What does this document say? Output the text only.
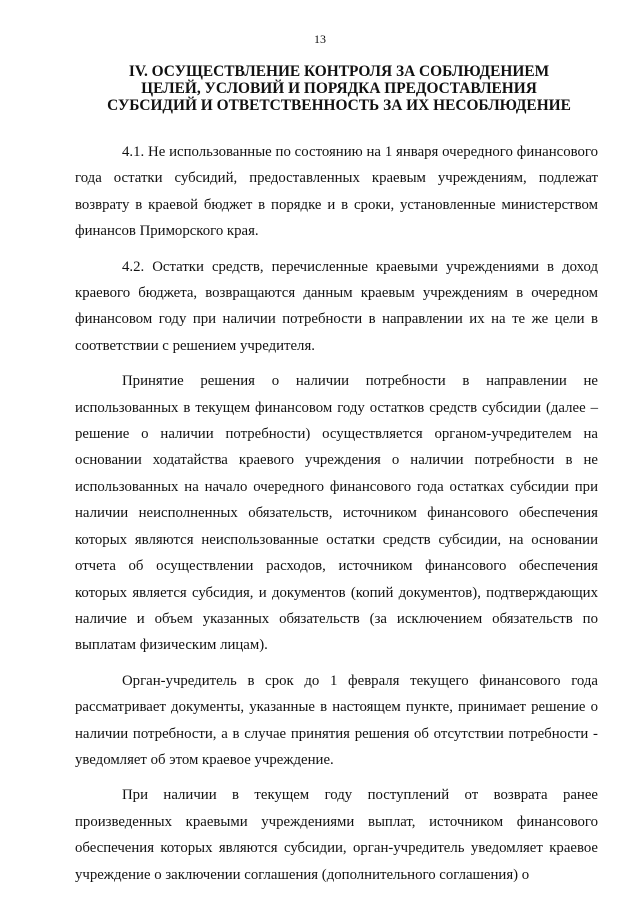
13
IV. ОСУЩЕСТВЛЕНИЕ КОНТРОЛЯ ЗА СОБЛЮДЕНИЕМ
ЦЕЛЕЙ, УСЛОВИЙ И ПОРЯДКА ПРЕДОСТАВЛЕНИЯ
СУБСИДИЙ И ОТВЕТСТВЕННОСТЬ ЗА ИХ НЕСОБЛЮДЕНИЕ

4.1. Не использованные по состоянию на 1 января очередного финансового года остатки субсидий, предоставленных краевым учреждениям, подлежат возврату в краевой бюджет в порядке и в сроки, установленные министерством финансов Приморского края.

4.2. Остатки средств, перечисленные краевыми учреждениями в доход краевого бюджета, возвращаются данным краевым учреждениям в очередном финансовом году при наличии потребности в направлении их на те же цели в соответствии с решением учредителя.

Принятие решения о наличии потребности в направлении не использованных в текущем финансовом году остатков средств субсидии (далее – решение о наличии потребности) осуществляется органом-учредителем на основании ходатайства краевого учреждения о наличии потребности в не использованных на начало очередного финансового года остатках субсидии при наличии неисполненных обязательств, источником финансового обеспечения которых являются неиспользованные остатки средств субсидии, на основании отчета об осуществлении расходов, источником финансового обеспечения которых является субсидия, и документов (копий документов), подтверждающих наличие и объем указанных обязательств (за исключением обязательств по выплатам физическим лицам).

Орган-учредитель в срок до 1 февраля текущего финансового года рассматривает документы, указанные в настоящем пункте, принимает решение о наличии потребности, а в случае принятия решения об отсутствии потребности - уведомляет об этом краевое учреждение.

При наличии в текущем году поступлений от возврата ранее произведенных краевыми учреждениями выплат, источником финансового обеспечения которых являются субсидии, орган-учредитель уведомляет краевое учреждение о заключении соглашения (дополнительного соглашения) о
